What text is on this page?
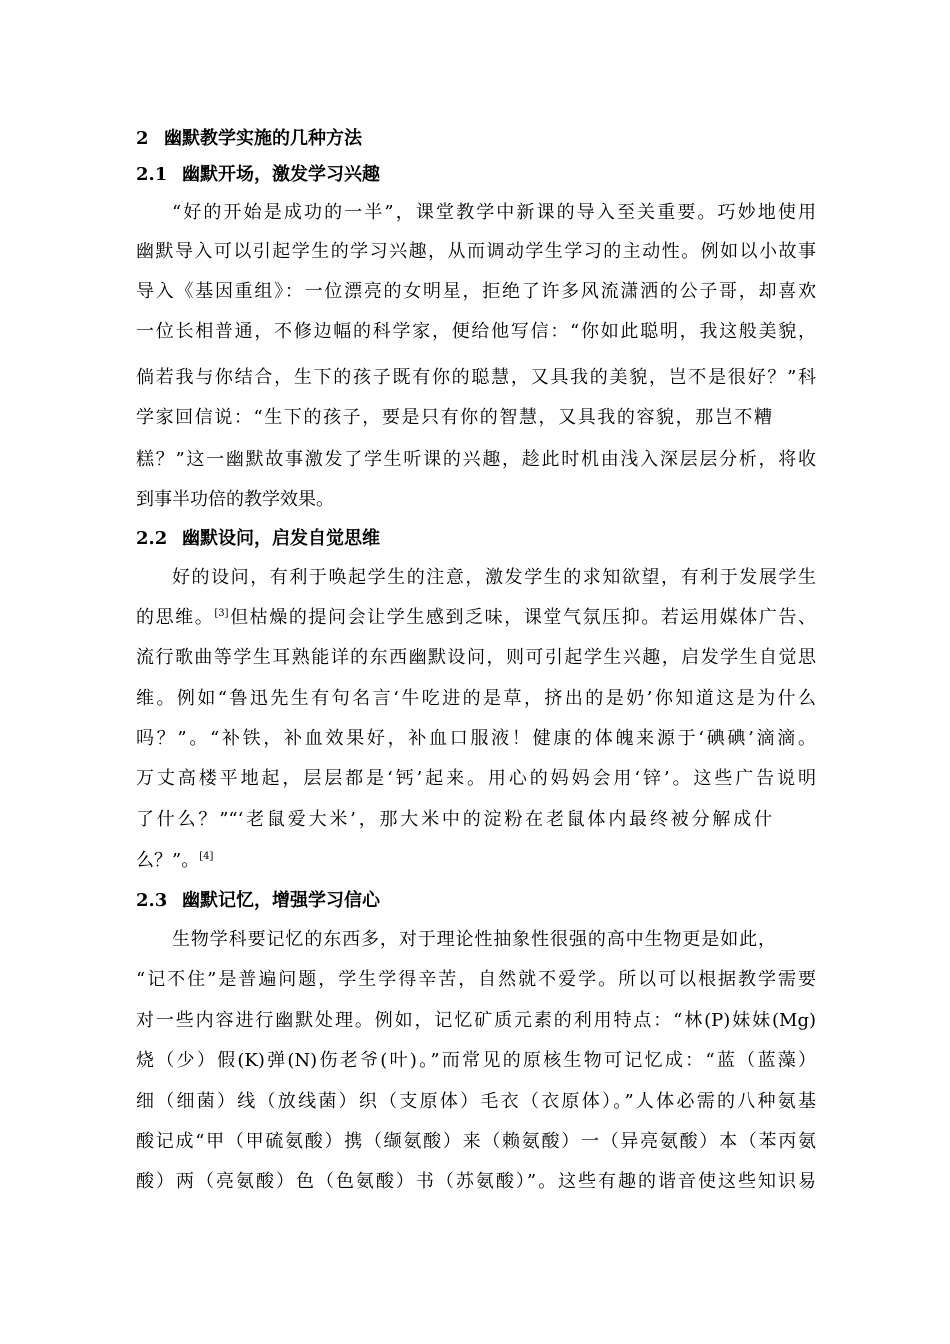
2 幽默教学实施的几种方法
2.1 幽默开场，激发学习兴趣
“好的开始是成功的一半”，课堂教学中新课的导入至关重要。巧妙地使用
幽默导入可以引起学生的学习兴趣，从而调动学生学习的主动性。例如以小故事
导入《基因重组》：一位漂亮的女明星，拒绝了许多风流潇洒的公子哥，却喜欢
一位长相普通，不修边幅的科学家，便给他写信：“你如此聪明，我这般美貌，
倘若我与你结合，生下的孩子既有你的聪慧，又具我的美貌，岂不是很好？”科
学家回信说：“生下的孩子，要是只有你的智慧，又具我的容貌，那岂不糟
糕？”这一幽默故事激发了学生听课的兴趣，趁此时机由浅入深层层分析，将收
到事半功倍的教学效果。
2.2 幽默设问，启发自觉思维
好的设问，有利于唤起学生的注意，激发学生的求知欲望，有利于发展学生
的思维。[3]但枯燥的提问会让学生感到乏味，课堂气氛压抑。若运用媒体广告、
流行歌曲等学生耳熟能详的东西幽默设问，则可引起学生兴趣，启发学生自觉思
维。例如“鲁迅先生有句名言‘牛吃进的是草，挤出的是奶’你知道这是为什么
吗？”。“补铁，补血效果好，补血口服液！健康的体魄来源于‘碘碘’滴滴。
万丈高楼平地起，层层都是‘钙’起来。用心的妈妈会用‘锌’。这些广告说明
了什么？”“‘老鼠爱大米’，那大米中的淀粉在老鼠体内最终被分解成什
么？”。[4]
2.3 幽默记忆，增强学习信心
生物学科要记忆的东西多，对于理论性抽象性很强的高中生物更是如此，
“记不住”是普遍问题，学生学得辛苦，自然就不爱学。所以可以根据教学需要
对一些内容进行幽默处理。例如，记忆矿质元素的利用特点：“林(P)妹妹(Mg)
烧（少）假(K)弹(N)伤老爷(叶)。”而常见的原核生物可记忆成：“蓝（蓝藻）
细（细菌）线（放线菌）织（支原体）毛衣（衣原体）。”人体必需的八种氨基
酸记成“甲（甲硫氨酸）携（缬氨酸）来（赖氨酸）一（异亮氨酸）本（苯丙氨
酸）两（亮氨酸）色（色氨酸）书（苏氨酸）”。这些有趣的谐音使这些知识易
